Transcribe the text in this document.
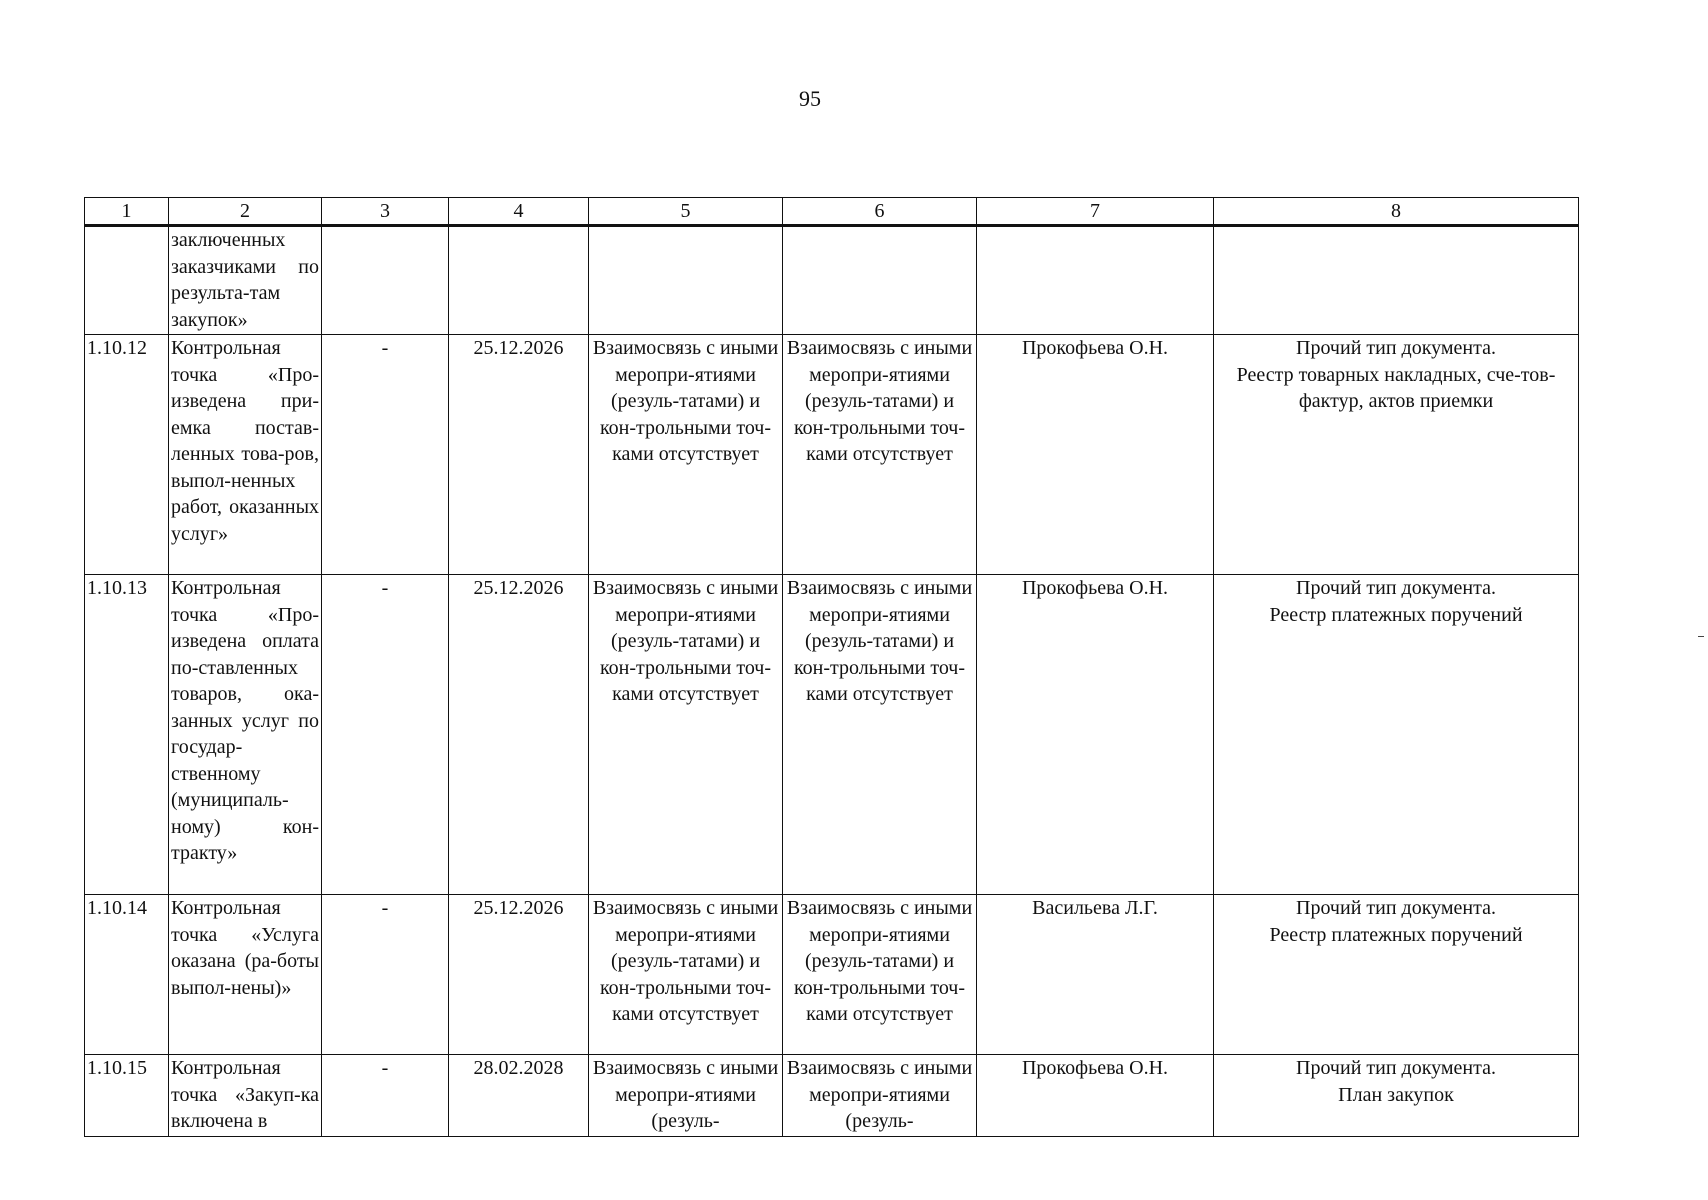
95
1	2	3	4	5	6	7	8
	заключенных заказчиками по результа-там закупок»						

1.10.12	Контрольная точка «Про-изведена при-емка постав-ленных това-ров, выпол-ненных работ, оказанных услуг»	-	25.12.2026	Взаимосвязь с иными меропри-ятиями (резуль-татами) и кон-трольными точ-ками отсутствует	Взаимосвязь с иными меропри-ятиями (резуль-татами) и кон-трольными точ-ками отсутствует	Прокофьева О.Н.	Прочий тип документа.
Реестр товарных накладных, сче-тов-фактур, актов приемки

1.10.13	Контрольная точка «Про-изведена оплата по-ставленных товаров, ока-занных услуг по государ-ственному (муниципаль-ному) кон-тракту»	-	25.12.2026	Взаимосвязь с иными меропри-ятиями (резуль-татами) и кон-трольными точ-ками отсутствует	Взаимосвязь с иными меропри-ятиями (резуль-татами) и кон-трольными точ-ками отсутствует	Прокофьева О.Н.	Прочий тип документа.
Реестр платежных поручений

1.10.14	Контрольная точка «Услуга оказана (ра-боты выпол-нены)»	-	25.12.2026	Взаимосвязь с иными меропри-ятиями (резуль-татами) и кон-трольными точ-ками отсутствует	Взаимосвязь с иными меропри-ятиями (резуль-татами) и кон-трольными точ-ками отсутствует	Васильева Л.Г.	Прочий тип документа.
Реестр платежных поручений

1.10.15	Контрольная точка «Закуп-ка включена в	-	28.02.2028	Взаимосвязь с иными меропри-ятиями (резуль-	Взаимосвязь с иными меропри-ятиями (резуль-	Прокофьева О.Н.	Прочий тип документа.
План закупок
